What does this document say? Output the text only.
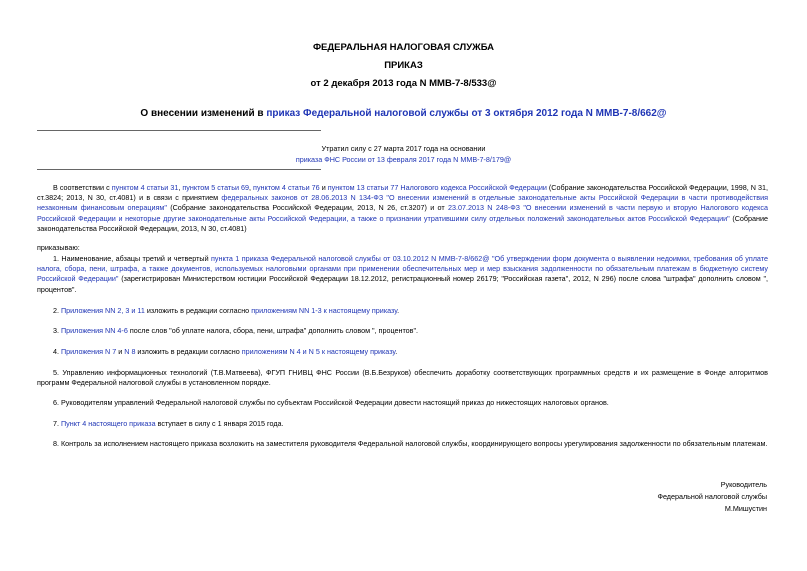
ФЕДЕРАЛЬНАЯ НАЛОГОВАЯ СЛУЖБА
ПРИКАЗ
от 2 декабря 2013 года N ММВ-7-8/533@
О внесении изменений в приказ Федеральной налоговой службы от 3 октября 2012 года N ММВ-7-8/662@
Утратил силу с 27 марта 2017 года на основании
приказа ФНС России от 13 февраля 2017 года N ММВ-7-8/179@
В соответствии с пунктом 4 статьи 31, пунктом 5 статьи 69, пунктом 4 статьи 76 и пунктом 13 статьи 77 Налогового кодекса Российской Федерации (Собрание законодательства Российской Федерации, 1998, N 31, ст.3824; 2013, N 30, ст.4081) и в связи с принятием федеральных законов от 28.06.2013 N 134-ФЗ "О внесении изменений в отдельные законодательные акты Российской Федерации в части противодействия незаконным финансовым операциям" (Собрание законодательства Российской Федерации, 2013, N 26, ст.3207) и от 23.07.2013 N 248-ФЗ "О внесении изменений в части первую и вторую Налогового кодекса Российской Федерации и некоторые другие законодательные акты Российской Федерации, а также о признании утратившими силу отдельных положений законодательных актов Российской Федерации" (Собрание законодательства Российской Федерации, 2013, N 30, ст.4081)
приказываю:
1. Наименование, абзацы третий и четвертый пункта 1 приказа Федеральной налоговой службы от 03.10.2012 N ММВ-7-8/662@ "Об утверждении форм документа о выявлении недоимки, требования об уплате налога, сбора, пени, штрафа, а также документов, используемых налоговыми органами при применении обеспечительных мер и мер взыскания задолженности по обязательным платежам в бюджетную систему Российской Федерации" (зарегистрирован Министерством юстиции Российской Федерации 18.12.2012, регистрационный номер 26179; "Российская газета", 2012, N 296) после слова "штрафа" дополнить словом ", процентов".
2. Приложения NN 2, 3 и 11 изложить в редакции согласно приложениям NN 1-3 к настоящему приказу.
3. Приложения NN 4-6 после слов "об уплате налога, сбора, пени, штрафа" дополнить словом ", процентов".
4. Приложения N 7 и N 8 изложить в редакции согласно приложениям N 4 и N 5 к настоящему приказу.
5. Управлению информационных технологий (Т.В.Матвеева), ФГУП ГНИВЦ ФНС России (В.Б.Безруков) обеспечить доработку соответствующих программных средств и их размещение в Фонде алгоритмов программ Федеральной налоговой службы в установленном порядке.
6. Руководителям управлений Федеральной налоговой службы по субъектам Российской Федерации довести настоящий приказ до нижестоящих налоговых органов.
7. Пункт 4 настоящего приказа вступает в силу с 1 января 2015 года.
8. Контроль за исполнением настоящего приказа возложить на заместителя руководителя Федеральной налоговой службы, координирующего вопросы урегулирования задолженности по обязательным платежам.
Руководитель
Федеральной налоговой службы
М.Мишустин
